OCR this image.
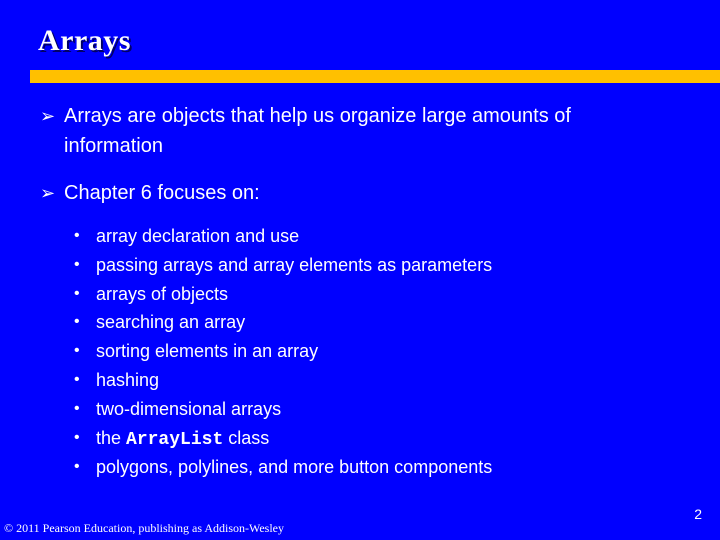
Arrays
➢ Arrays are objects that help us organize large amounts of information
➢ Chapter 6 focuses on:
• array declaration and use
• passing arrays and array elements as parameters
• arrays of objects
• searching an array
• sorting elements in an array
• hashing
• two-dimensional arrays
• the ArrayList class
• polygons, polylines, and more button components
© 2011 Pearson Education, publishing as Addison-Wesley
2
